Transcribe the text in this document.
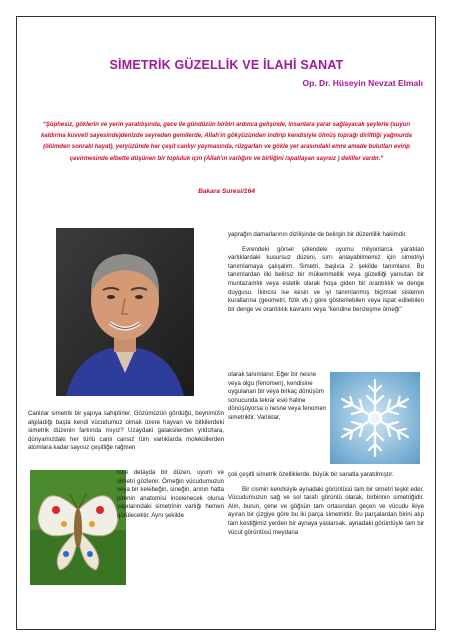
SİMETRİK GÜZELLİK VE İLAHİ SANAT
Op. Dr. Hüseyin Nevzat Elmalı
“Şüphesiz, göklerin ve yerin yaratılışında, gece ile gündüzün birbiri ardınca gelişinde, insanlara yarar sağlayacak şeylerle (suyun kaldırma kuvveti sayesinde)denizde seyreden gemilerde, Allah'ın gökyüzünden indirip kendisiyle ölmüş toprağı dirilttiği yağmurda (ölümden sonraki hayat), yeryüzünde her çeşit canlıyı yaymasında, rüzgarları ve gökle yer arasındaki emre amade bulutları evirip çevirmesinde elbette düşünen bir topluluk için (Allah'ın varlığını ve birliğini ispatlayan sayısız ) deliller vardır."
Bakara Suresi/164

Canlılar simetrik bir yapıya sahiptirler. Gözümüzün gördüğü, beynimizin algıladığı başta kendi vücudumuz olmak üzere hayvan ve bitkilerdeki simetrik düzenin farkında mıyız? Uzaydaki galaksilerden yıldızlara, dünyamızdaki her türlü canlı cansız tüm varlıklarda moleküllerden atomlara kadar sayısız çeşitliğe rağmen

ince detayda bir düzen, uyum ve simetri gözlenir. Örneğin vücudumuzun veya bir kelebeğin, sineğin, arının hatta pirenin anatomisi incelenecek olursa yapılarındaki simetrinin varlığı hemen görülecektir. Aynı şekilde

yaprağın damarlarının dizilişinde de belirgin bir düzenlilik hakimdir.

Evrendeki görsel şölendeki uyumu milyonlarca yaratılan varlıklardaki kusursuz düzeni, sırrı anlayabilmemiz için simetriyi tanımlamaya çalışalım. Simetri, başlıca 2 şekilde tanımlanır. Bu tanımlardan ilki belirsiz bir mükemmellik veya güzelliği yansıtan bir muntazamlık veya estetik olarak hoşa giden bir orantılılık ve denge duygusu. İkincisi ise kesin ve iyi tanımlanmış biçimsel sistemin kurallarına (geometri, fizik vb.) göre gösterilebilen veya ispat edilebilen bir denge ve orantılılık kavramı veya "kendine benzeşme örneği"

olarak tanımlanır. Eğer bir nesne veya olgu (fenomen), kendisine uygulanan bir veya birkaç dönüşüm sonucunda tekrar eski haline dönüşüyorsa o nesne veya fenomen simetriktir. Varlıklar,

çok çeşitli simetrik özelliklerde, büyük bir sanatla yaratılmıştır.

Bir cismin kendisiyle aynadaki görüntüsü tam bir simetri teşkil eder. Vücudumuzun sağ ve sol tarafı görüntü olarak, birbirinin simetriğidir. Alın, burun, çene ve göğsün tam ortasından geçen ve vücudu ikiye ayıran bir çizgiye göre bu iki parça simetriktir. Bu parçalardan birini alıp tam kestiğimiz yerden bir aynaya yaslarsak, aynadaki görüntüyle tam bir vücut görüntüsü meydana
